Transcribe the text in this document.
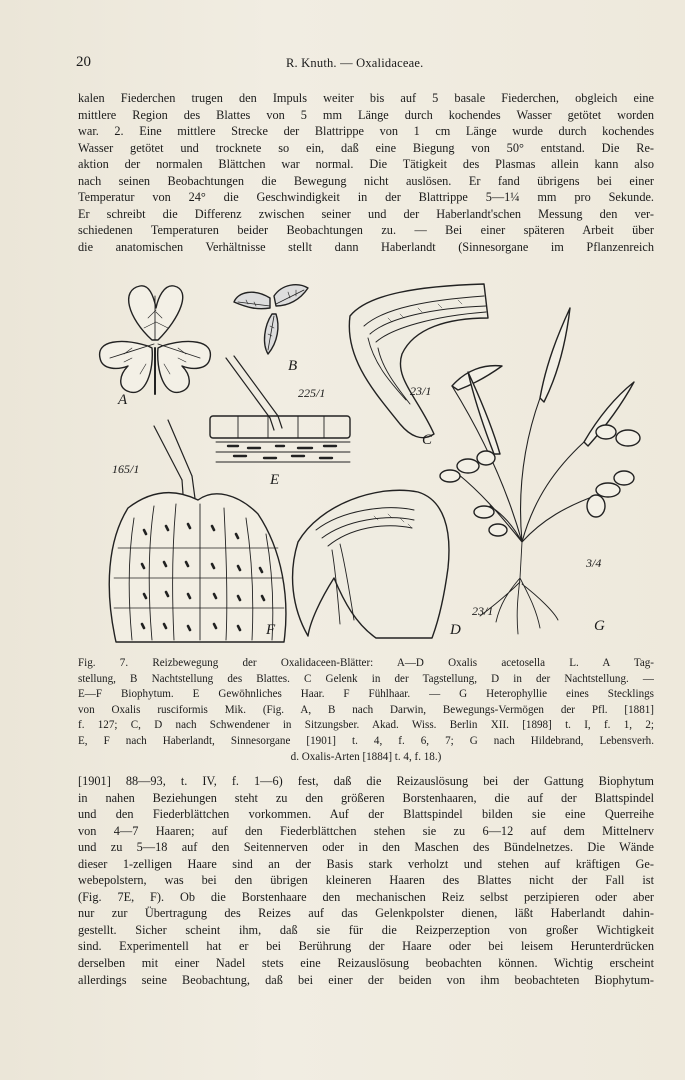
20	R. Knuth. — Oxalidaceae.
kalen Fiederchen trugen den Impuls weiter bis auf 5 basale Fiederchen, obgleich eine
mittlere Region des Blattes von 5 mm Länge durch kochendes Wasser getötet worden
war. 2. Eine mittlere Strecke der Blattrippe von 1 cm Länge wurde durch kochendes
Wasser getötet und trocknete so ein, daß eine Biegung von 50° entstand. Die Re-
aktion der normalen Blättchen war normal. Die Tätigkeit des Plasmas allein kann also
nach seinen Beobachtungen die Bewegung nicht auslösen. Er fand übrigens bei einer
Temperatur von 24° die Geschwindigkeit in der Blattrippe 5—1¼ mm pro Sekunde.
Er schreibt die Differenz zwischen seiner und der Haberlandt'schen Messung den ver-
schiedenen Temperaturen beider Beobachtungen zu. — Bei einer späteren Arbeit über
die anatomischen Verhältnisse stellt dann Haberlandt (Sinnesorgane im Pflanzenreich
A
B
C
D
E
F	G
225/1	23/1
165/1
23/1
3/4
Fig. 7. Reizbewegung der Oxalidaceen-Blätter: A—D Oxalis acetosella L. A Tag-
stellung, B Nachtstellung des Blattes. C Gelenk in der Tagstellung, D in der Nachtstellung. —
E—F Biophytum. E Gewöhnliches Haar. F Fühlhaar. — G Heterophyllie eines Stecklings
von Oxalis rusciformis Mik. (Fig. A, B nach Darwin, Bewegungs-Vermögen der Pfl. [1881]
f. 127; C, D nach Schwendener in Sitzungsber. Akad. Wiss. Berlin XII. [1898] t. I, f. 1, 2;
E, F nach Haberlandt, Sinnesorgane [1901] t. 4, f. 6, 7; G nach Hildebrand, Lebensverh.
d. Oxalis-Arten [1884] t. 4, f. 18.)
[1901] 88—93, t. IV, f. 1—6) fest, daß die Reizauslösung bei der Gattung Biophytum
in nahen Beziehungen steht zu den größeren Borstenhaaren, die auf der Blattspindel
und den Fiederblättchen vorkommen. Auf der Blattspindel bilden sie eine Querreihe
von 4—7 Haaren; auf den Fiederblättchen stehen sie zu 6—12 auf dem Mittelnerv
und zu 5—18 auf den Seitennerven oder in den Maschen des Bündelnetzes. Die Wände
dieser 1-zelligen Haare sind an der Basis stark verholzt und stehen auf kräftigen Ge-
webepolstern, was bei den übrigen kleineren Haaren des Blattes nicht der Fall ist
(Fig. 7E, F). Ob die Borstenhaare den mechanischen Reiz selbst perzipieren oder aber
nur zur Übertragung des Reizes auf das Gelenkpolster dienen, läßt Haberlandt dahin-
gestellt. Sicher scheint ihm, daß sie für die Reizperzeption von großer Wichtigkeit
sind. Experimentell hat er bei Berührung der Haare oder bei leisem Herunterdrücken
derselben mit einer Nadel stets eine Reizauslösung beobachten können. Wichtig erscheint
allerdings seine Beobachtung, daß bei einer der beiden von ihm beobachteten Biophytum-
